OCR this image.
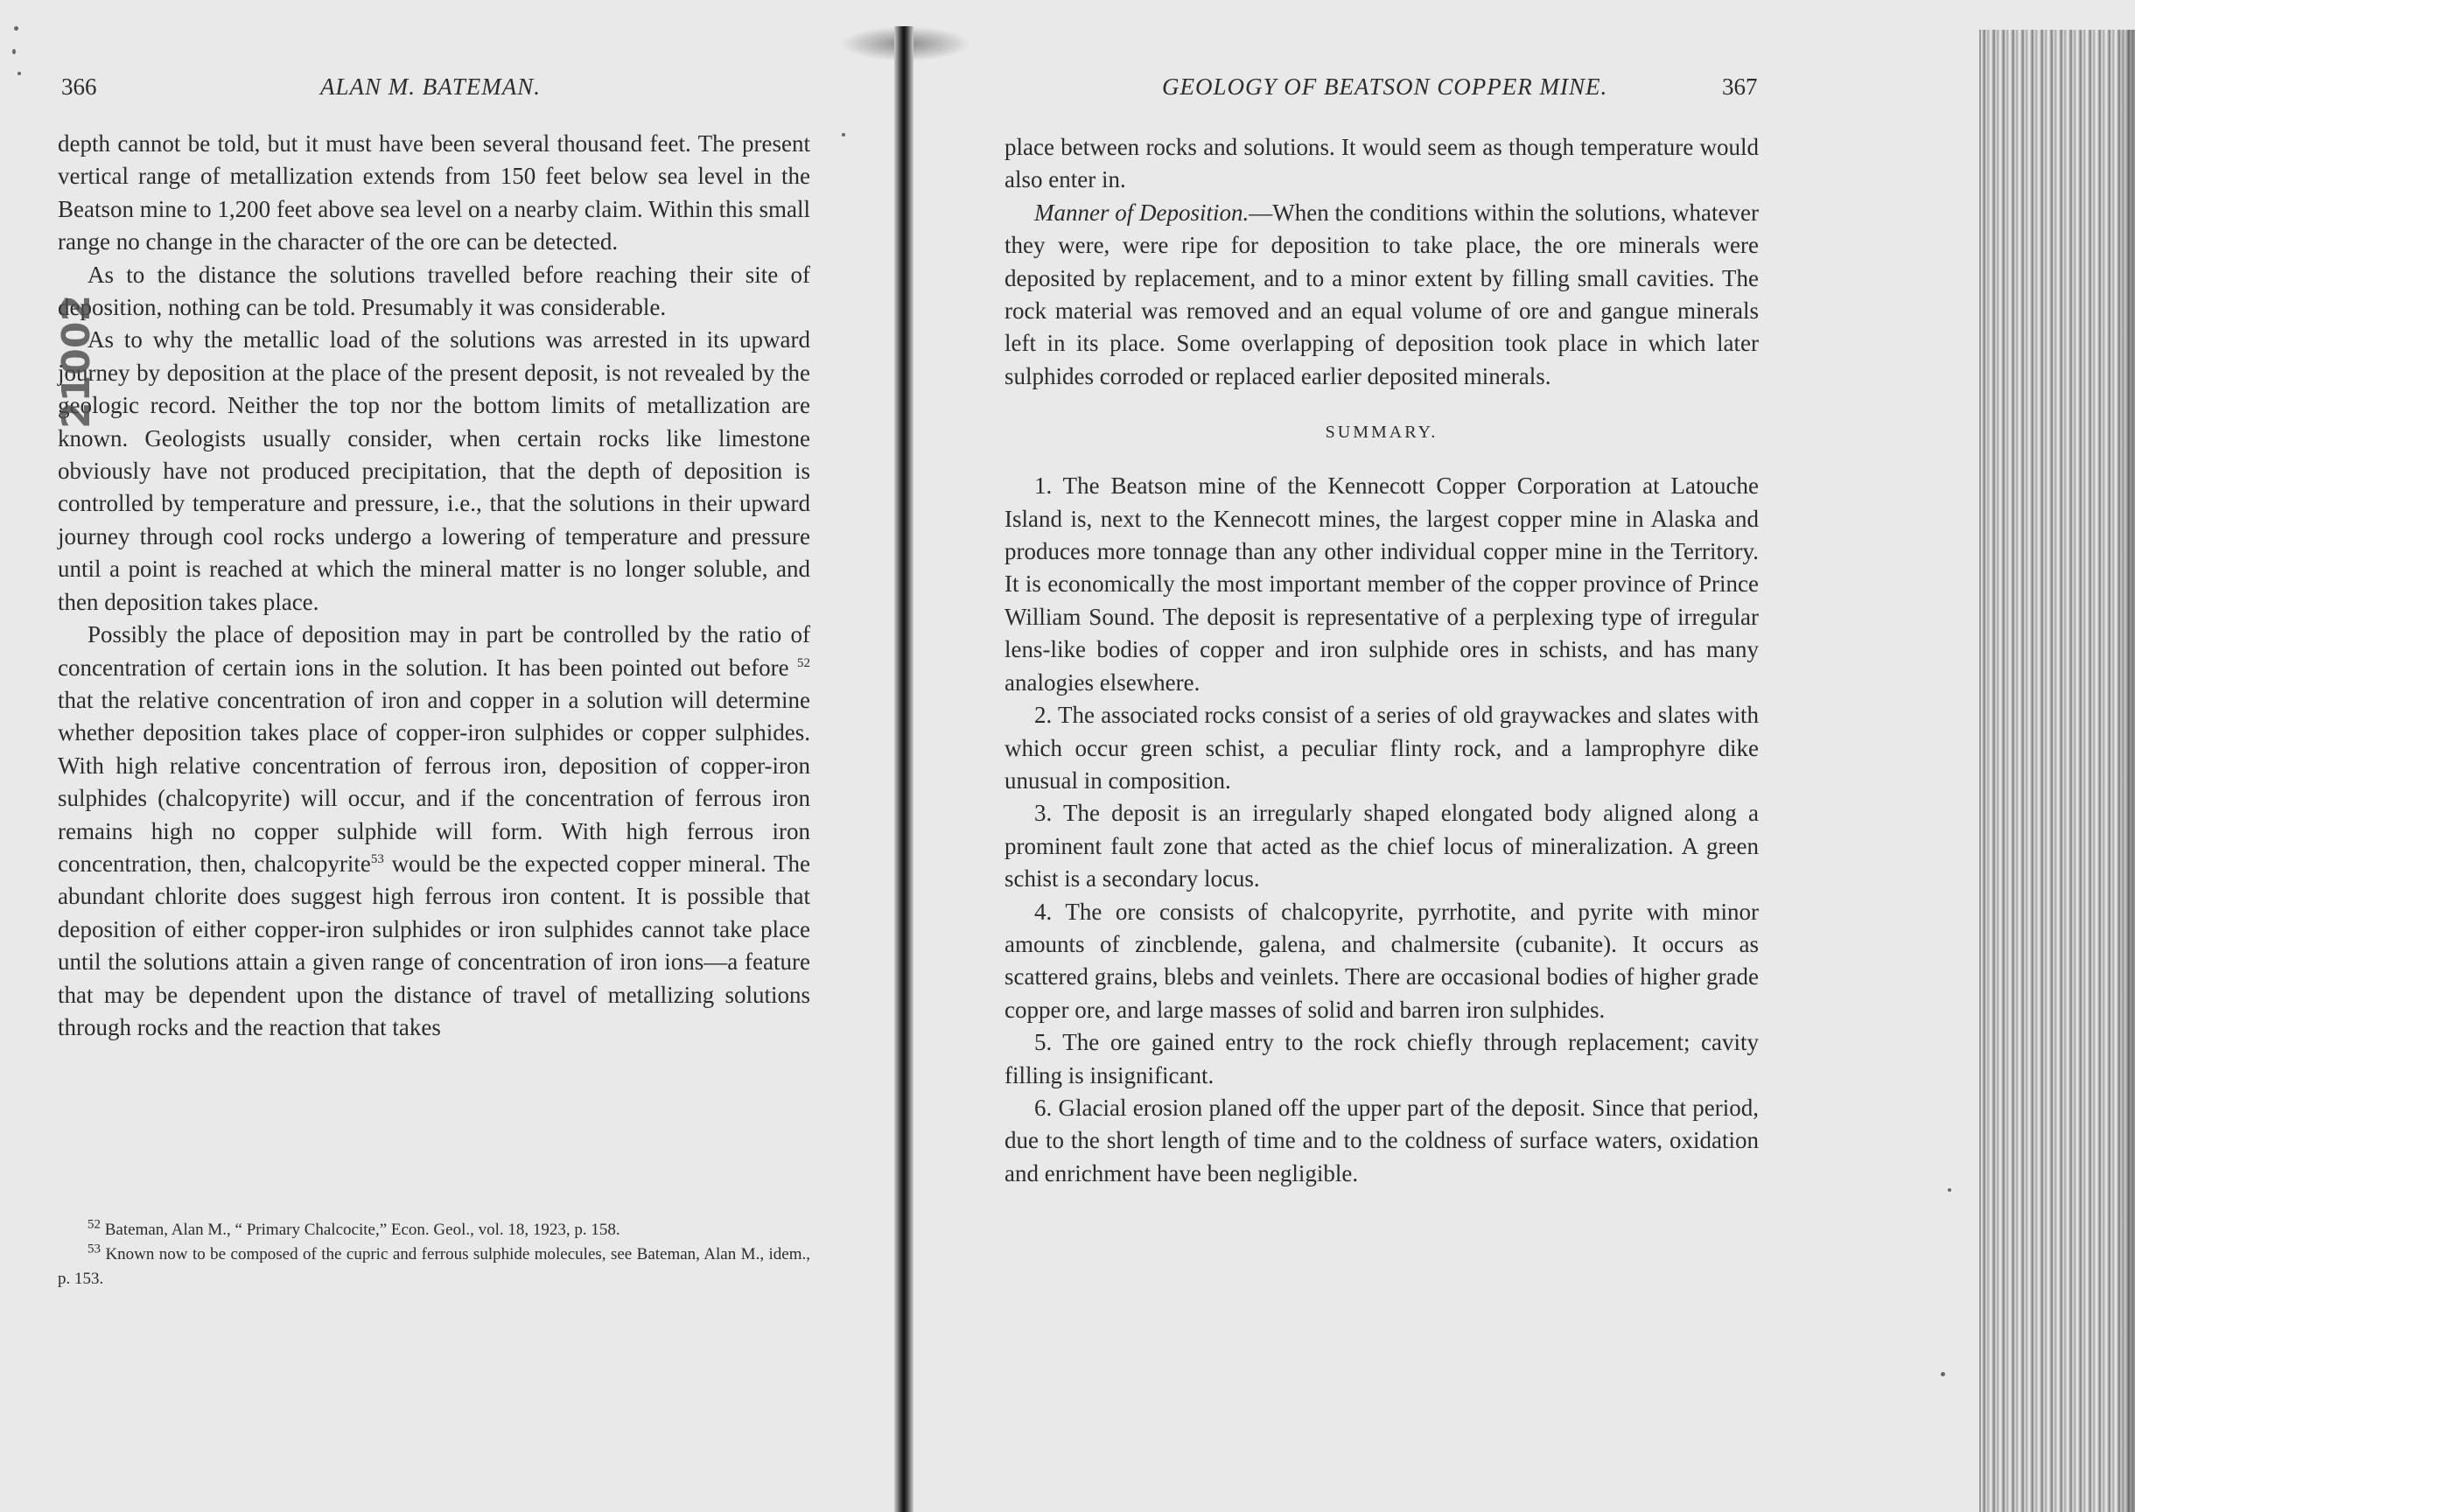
366	ALAN M. BATEMAN.

depth cannot be told, but it must have been several thousand feet. The present vertical range of metallization extends from 150 feet below sea level in the Beatson mine to 1,200 feet above sea level on a nearby claim. Within this small range no change in the character of the ore can be detected.

As to the distance the solutions travelled before reaching their site of deposition, nothing can be told. Presumably it was considerable.

As to why the metallic load of the solutions was arrested in its upward journey by deposition at the place of the present deposit, is not revealed by the geologic record. Neither the top nor the bottom limits of metallization are known. Geologists usually consider, when certain rocks like limestone obviously have not produced precipitation, that the depth of deposition is controlled by temperature and pressure, i.e., that the solutions in their upward journey through cool rocks undergo a lowering of temperature and pressure until a point is reached at which the mineral matter is no longer soluble, and then deposition takes place.

Possibly the place of deposition may in part be controlled by the ratio of concentration of certain ions in the solution. It has been pointed out before $^{52}$ that the relative concentration of iron and copper in a solution will determine whether deposition takes place of copper-iron sulphides or copper sulphides. With high relative concentration of ferrous iron, deposition of copper-iron sulphides (chalcopyrite) will occur, and if the concentration of ferrous iron remains high no copper sulphide will form. With high ferrous iron concentration, then, chalcopyrite$^{53}$ would be the expected copper mineral. The abundant chlorite does suggest high ferrous iron content. It is possible that deposition of either copper-iron sulphides or iron sulphides cannot take place until the solutions attain a given range of concentration of iron ions—a feature that may be dependent upon the distance of travel of metallizing solutions through rocks and the reaction that takes

$^{52}$ Bateman, Alan M., “ Primary Chalcocite,” Econ. Geol., vol. 18, 1923, p. 158.

$^{53}$ Known now to be composed of the cupric and ferrous sulphide molecules, see Bateman, Alan M., idem., p. 153.

21002
GEOLOGY OF BEATSON COPPER MINE.	367

place between rocks and solutions. It would seem as though temperature would also enter in.

Manner of Deposition.—When the conditions within the solutions, whatever they were, were ripe for deposition to take place, the ore minerals were deposited by replacement, and to a minor extent by filling small cavities. The rock material was removed and an equal volume of ore and gangue minerals left in its place. Some overlapping of deposition took place in which later sulphides corroded or replaced earlier deposited minerals.

SUMMARY.

1. The Beatson mine of the Kennecott Copper Corporation at Latouche Island is, next to the Kennecott mines, the largest copper mine in Alaska and produces more tonnage than any other individual copper mine in the Territory. It is economically the most important member of the copper province of Prince William Sound. The deposit is representative of a perplexing type of irregular lens-like bodies of copper and iron sulphide ores in schists, and has many analogies elsewhere.

2. The associated rocks consist of a series of old graywackes and slates with which occur green schist, a peculiar flinty rock, and a lamprophyre dike unusual in composition.

3. The deposit is an irregularly shaped elongated body aligned along a prominent fault zone that acted as the chief locus of mineralization. A green schist is a secondary locus.

4. The ore consists of chalcopyrite, pyrrhotite, and pyrite with minor amounts of zincblende, galena, and chalmersite (cubanite). It occurs as scattered grains, blebs and veinlets. There are occasional bodies of higher grade copper ore, and large masses of solid and barren iron sulphides.

5. The ore gained entry to the rock chiefly through replacement; cavity filling is insignificant.

6. Glacial erosion planed off the upper part of the deposit. Since that period, due to the short length of time and to the coldness of surface waters, oxidation and enrichment have been negligible.
